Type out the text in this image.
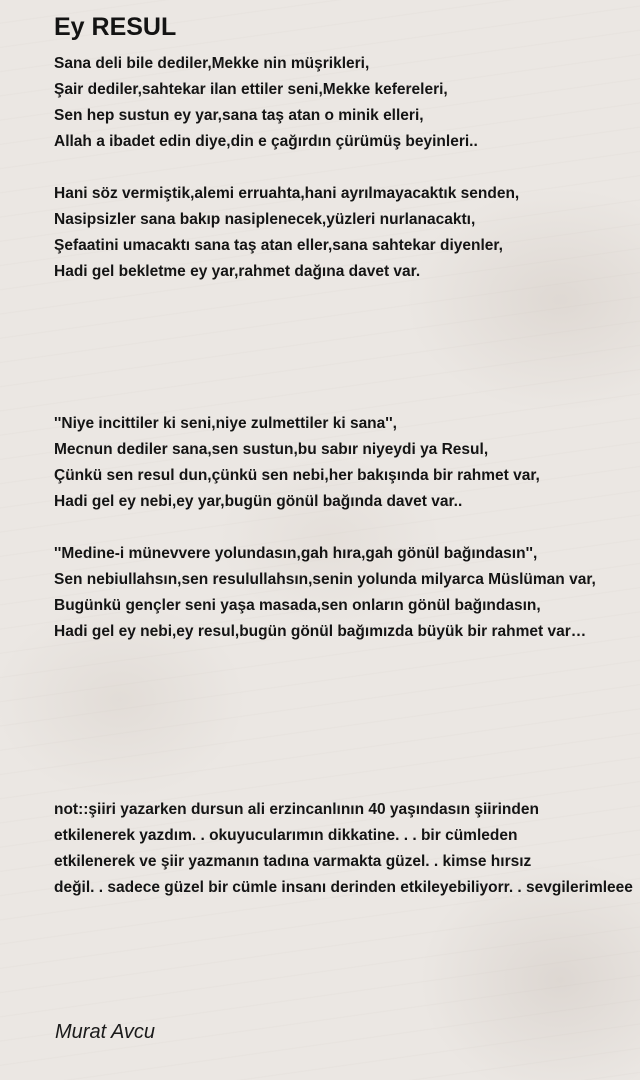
Ey RESUL
Sana deli bile dediler,Mekke nin müşrikleri,
Şair dediler,sahtekar ilan ettiler seni,Mekke kefereleri,
Sen hep sustun ey yar,sana taş atan o minik elleri,
Allah a ibadet edin diye,din e çağırdın çürümüş beyinleri..
Hani söz vermiştik,alemi erruahta,hani ayrılmayacaktık senden,
Nasipsizler sana bakıp nasiplenecek,yüzleri nurlanacaktı,
Şefaatini umacaktı sana taş atan eller,sana sahtekar diyenler,
Hadi gel bekletme ey yar,rahmet dağına davet var.
''Niye incittiler ki seni,niye zulmettiler ki sana'',
Mecnun dediler sana,sen sustun,bu sabır niyeydi ya Resul,
Çünkü sen resul dun,çünkü sen nebi,her bakışında bir rahmet var,
Hadi gel ey nebi,ey yar,bugün gönül bağında davet var..
''Medine-i münevvere yolundasın,gah hıra,gah gönül bağındasın'',
Sen nebiullahsın,sen resulullahsın,senin yolunda milyarca Müslüman var,
Bugünkü gençler seni yaşa masada,sen onların gönül bağındasın,
Hadi gel ey nebi,ey resul,bugün gönül bağımızda büyük bir rahmet var…
not::şiiri yazarken dursun ali erzincanlının 40 yaşındasın şiirinden
etkilenerek yazdım. . okuyucularımın dikkatine. . . bir cümleden
etkilenerek ve şiir yazmanın tadına varmakta güzel. . kimse hırsız
değil. . sadece güzel bir cümle insanı derinden etkileyebiliyorr. . sevgilerimleee

Murat Avcu
